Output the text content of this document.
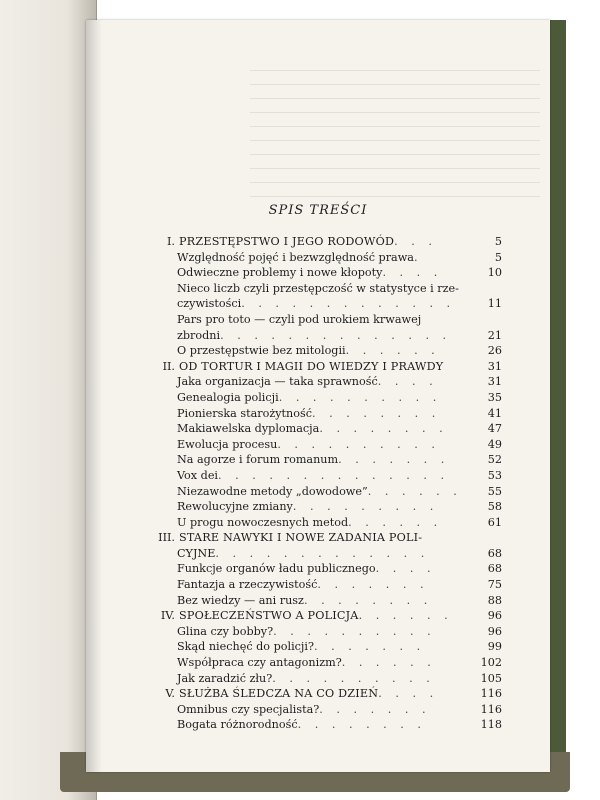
SPIS TREŚCI
I. PRZESTĘPSTWO I JEGO RODOWÓD . . .	5
Względność pojęć i bezwzględność prawa .	5
Odwieczne problemy i nowe kłopoty . . . .	10
Nieco liczb czyli przestępczość w statystyce i rze-
czywistości . . . . . . . . . . . . .	11
Pars pro toto — czyli pod urokiem krwawej
zbrodni . . . . . . . . . . . . . .	21
O przestępstwie bez mitologii . . . . . .	26
II. OD TORTUR I MAGII DO WIEDZY I PRAWDY	31
Jaka organizacja — taka sprawność . . . .	31
Genealogia policji . . . . . . . . . .	35
Pionierska starożytność . . . . . . . .	41
Makiawelska dyplomacja . . . . . . . .	47
Ewolucja procesu . . . . . . . . . .	49
Na agorze i forum romanum . . . . . . .	52
Vox dei . . . . . . . . . . . . . .	53
Niezawodne metody „dowodowe” . . . . . .	55
Rewolucyjne zmiany . . . . . . . . .	58
U progu nowoczesnych metod . . . . . .	61
III. STARE NAWYKI I NOWE ZADANIA POLI-
CYJNE . . . . . . . . . . . . .	68
Funkcje organów ładu publicznego . . . .	68
Fantazja a rzeczywistość . . . . . . .	75
Bez wiedzy — ani rusz . . . . . . . .	88
IV. SPOŁECZEŃSTWO A POLICJA . . . . . .	96
Glina czy bobby? . . . . . . . . . .	96
Skąd niechęć do policji? . . . . . . .	99
Współpraca czy antagonizm? . . . . . .	102
Jak zaradzić złu? . . . . . . . . . .	105
V. SŁUŻBA ŚLEDCZA NA CO DZIEŃ . . . .	116
Omnibus czy specjalista? . . . . . . .	116
Bogata różnorodność . . . . . . . .	118
